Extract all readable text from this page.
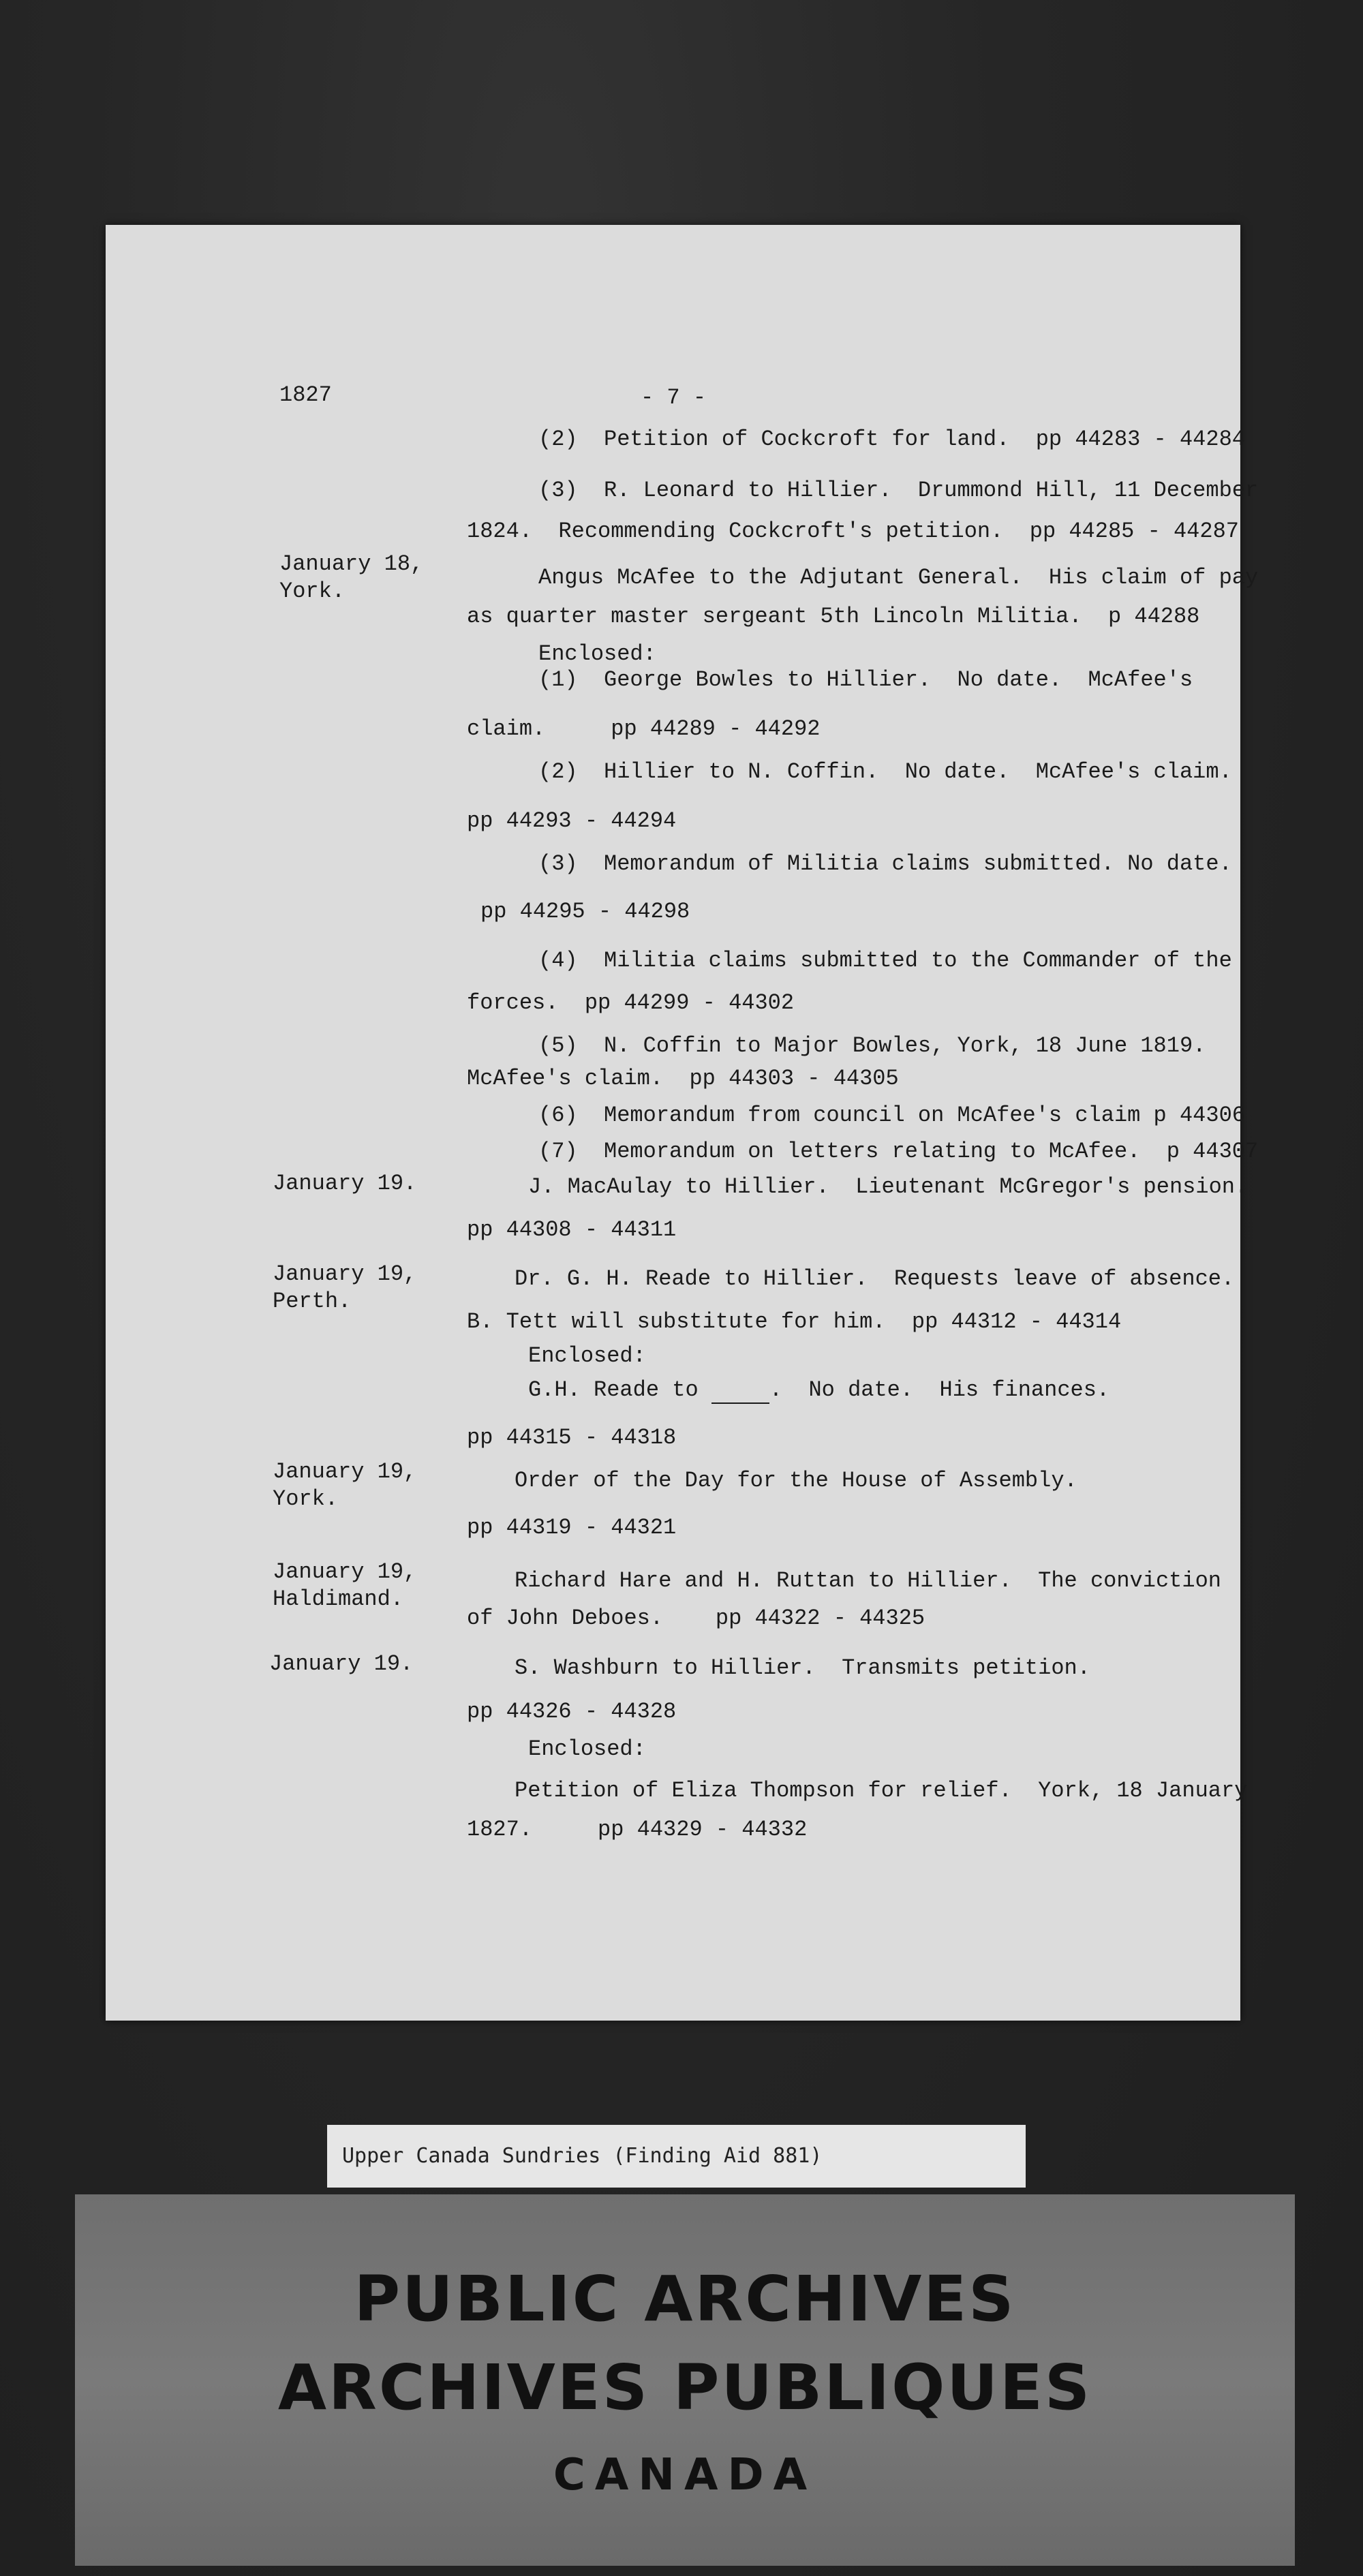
1827	- 7 -
G.H. Reade to	.  No date.  His finances.
(2)  Petition of Cockcroft for land.  pp 44283 - 44284
(3)  R. Leonard to Hillier.  Drummond Hill, 11 December
1824.  Recommending Cockcroft's petition.  pp 44285 - 44287
Angus McAfee to the Adjutant General.  His claim of pay
as quarter master sergeant 5th Lincoln Militia.  p 44288
Enclosed:
(1)  George Bowles to Hillier.  No date.  McAfee's
claim.     pp 44289 - 44292
(2)  Hillier to N. Coffin.  No date.  McAfee's claim.
pp 44293 - 44294
(3)  Memorandum of Militia claims submitted. No date.
pp 44295 - 44298
(4)  Militia claims submitted to the Commander of the
forces.  pp 44299 - 44302
(5)  N. Coffin to Major Bowles, York, 18 June 1819.
McAfee's claim.  pp 44303 - 44305
(6)  Memorandum from council on McAfee's claim p 44306
(7)  Memorandum on letters relating to McAfee.  p 44307
J. MacAulay to Hillier.  Lieutenant McGregor's pension.
pp 44308 - 44311
Dr. G. H. Reade to Hillier.  Requests leave of absence.
B. Tett will substitute for him.  pp 44312 - 44314
Enclosed:
pp 44315 - 44318
Order of the Day for the House of Assembly.
pp 44319 - 44321
Richard Hare and H. Ruttan to Hillier.  The conviction
of John Deboes.    pp 44322 - 44325
S. Washburn to Hillier.  Transmits petition.
pp 44326 - 44328
Enclosed:
Petition of Eliza Thompson for relief.  York, 18 January
1827.     pp 44329 - 44332
January 18,
York.
January 19.
January 19,
Perth.
January 19,
York.
January 19,
Haldimand.
January 19.
Upper Canada Sundries (Finding Aid 881)
PUBLIC ARCHIVES
ARCHIVES PUBLIQUES
CANADA
